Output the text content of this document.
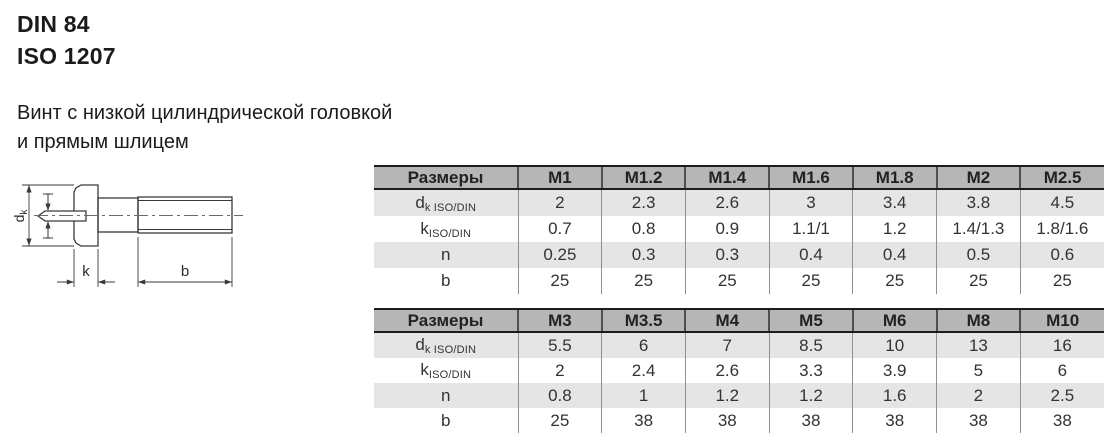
DIN 84
ISO 1207
Винт с низкой цилиндрической головкой
и прямым шлицем
$d_k$
k	b
Размеры	M1	M1.2	M1.4	M1.6	M1.8	M2	M2.5
$d_{k ISO/DIN}$	2	2.3	2.6	3	3.4	3.8	4.5
$k_{ISO/DIN}$	0.7	0.8	0.9	1.1/1	1.2	1.4/1.3	1.8/1.6
n	0.25	0.3	0.3	0.4	0.4	0.5	0.6
b	25	25	25	25	25	25	25
Размеры	M3	M3.5	M4	M5	M6	M8	M10
$d_{k ISO/DIN}$	5.5	6	7	8.5	10	13	16
$k_{ISO/DIN}$	2	2.4	2.6	3.3	3.9	5	6
n	0.8	1	1.2	1.2	1.6	2	2.5
b	25	38	38	38	38	38	38
